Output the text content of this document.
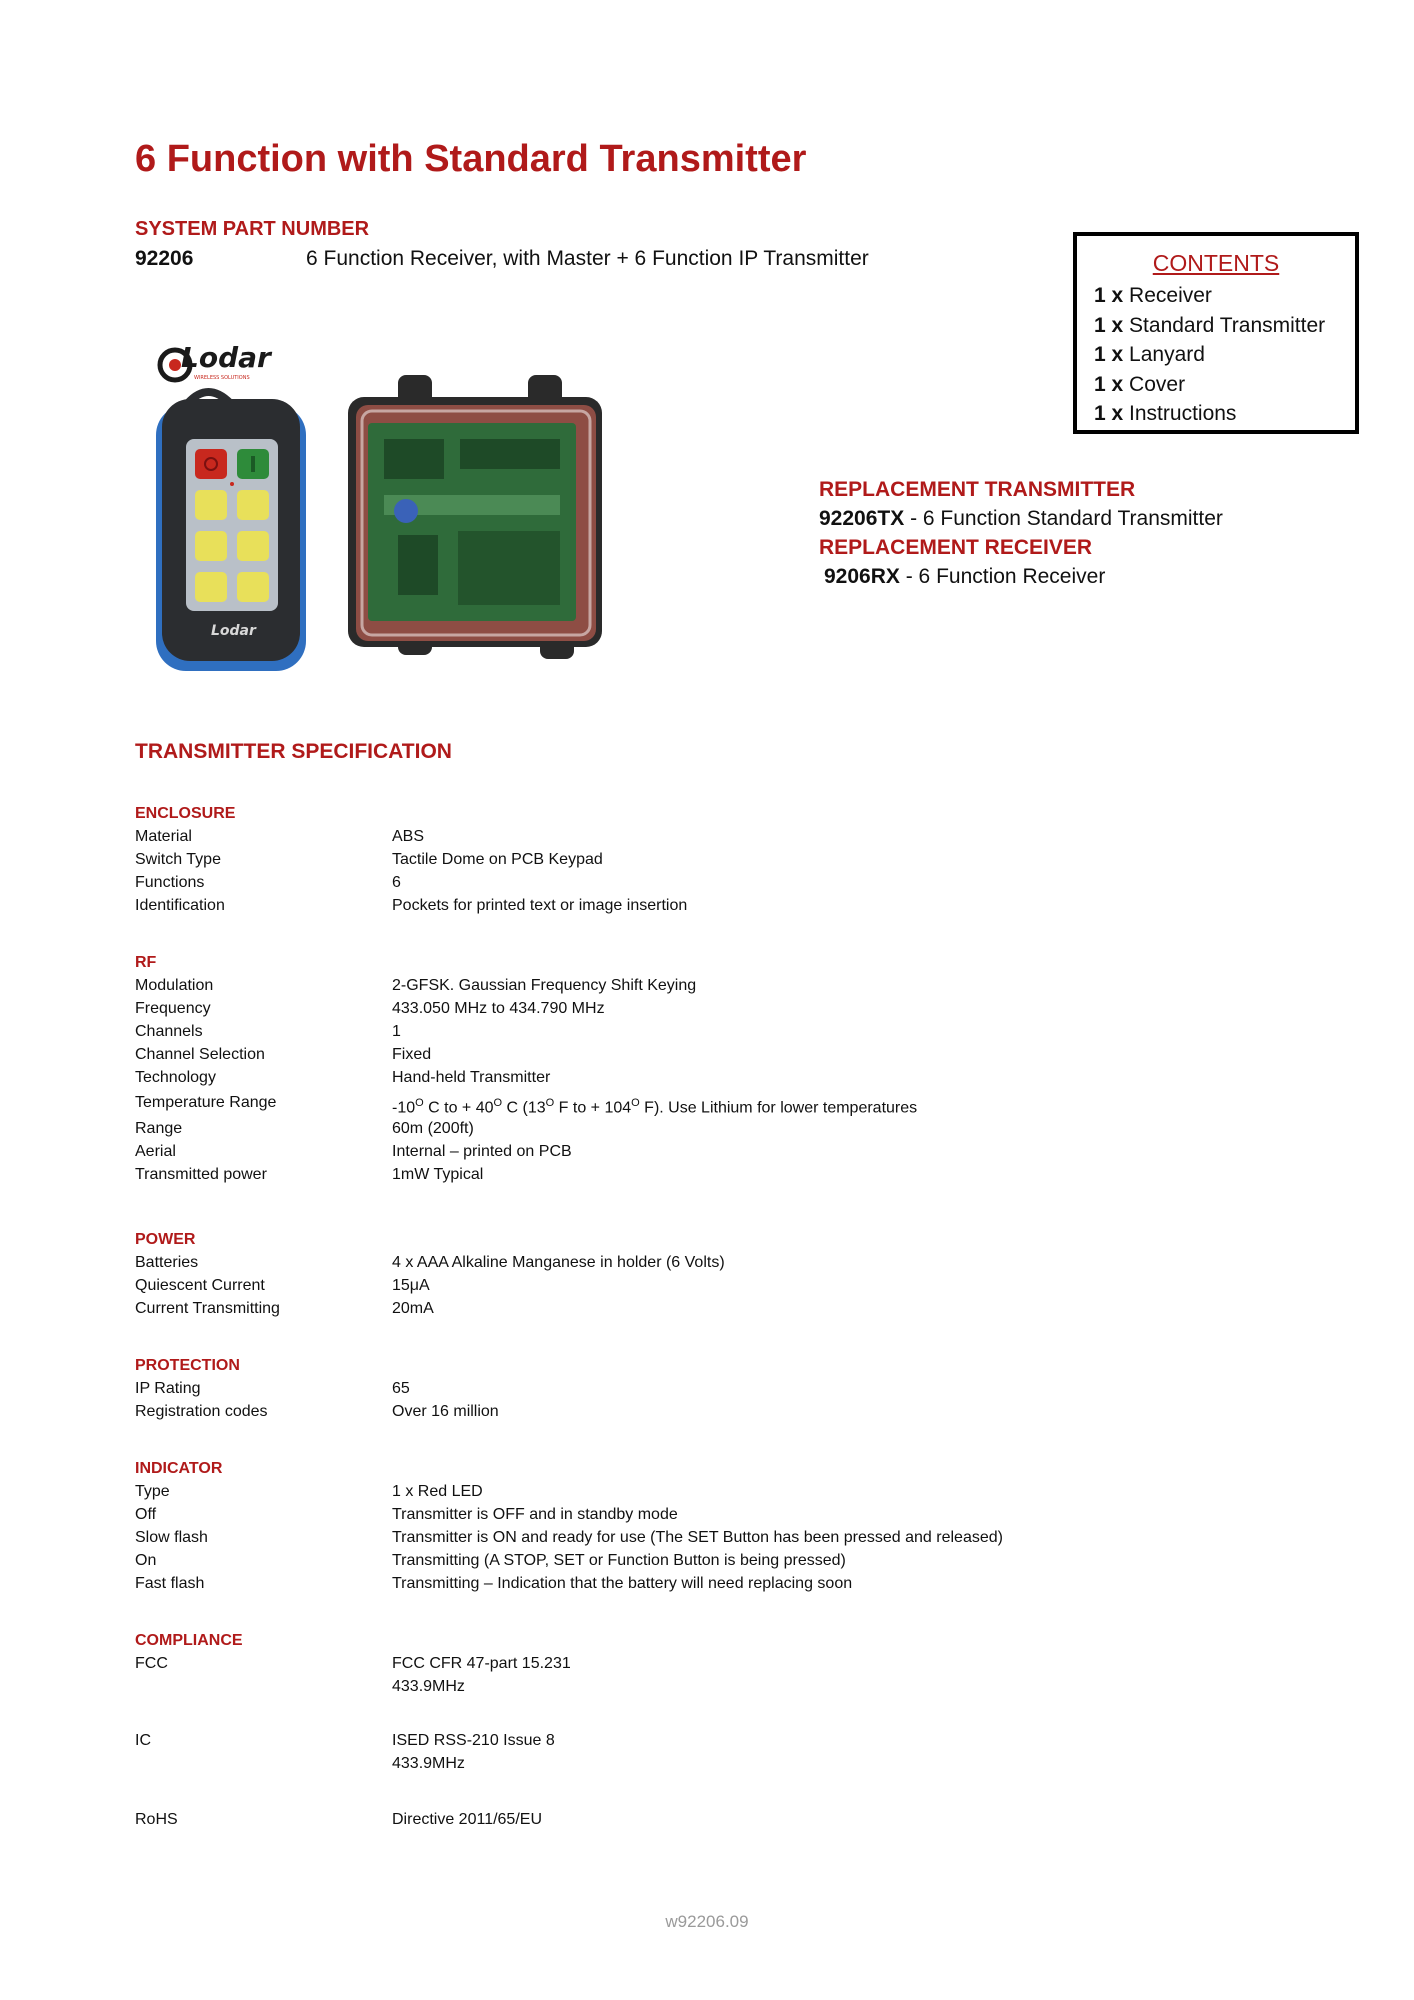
6 Function with Standard Transmitter
SYSTEM PART NUMBER
92206	6 Function Receiver, with Master + 6 Function IP Transmitter	CONTENTS
1 x Receiver
1 x Standard Transmitter
1 x Lanyard
1 x Cover
1 x Instructions
REPLACEMENT TRANSMITTER
92206TX - 6 Function Standard Transmitter
REPLACEMENT RECEIVER
9206RX - 6 Function Receiver
Lodar
WIRELESS SOLUTIONS
Lodar
TRANSMITTER SPECIFICATION
ENCLOSURE
Material	ABS
Switch Type	Tactile Dome on PCB Keypad
Functions	6
Identification	Pockets for printed text or image insertion
RF
Modulation	2-GFSK. Gaussian Frequency Shift Keying
Frequency	433.050 MHz to 434.790 MHz
Channels	1
Channel Selection	Fixed
Technology	Hand-held Transmitter
Temperature Range	$-10^O$ C to + $40^O$ C ($13^O$ F to + $104^O$ F). Use Lithium for lower temperatures
Range	60m (200ft)
Aerial	Internal – printed on PCB
Transmitted power	1mW Typical
POWER
Batteries	4 x AAA Alkaline Manganese in holder (6 Volts)
Quiescent Current	15μA
Current Transmitting	20mA
PROTECTION
IP Rating	65
Registration codes	Over 16 million
INDICATOR
Type	1 x Red LED
Off	Transmitter is OFF and in standby mode
Slow flash	Transmitter is ON and ready for use (The SET Button has been pressed and released)
On	Transmitting (A STOP, SET or Function Button is being pressed)
Fast flash	Transmitting – Indication that the battery will need replacing soon
COMPLIANCE
FCC	FCC CFR 47-part 15.231
433.9MHz
IC	ISED RSS-210 Issue 8
433.9MHz
RoHS	Directive 2011/65/EU
w92206.09
